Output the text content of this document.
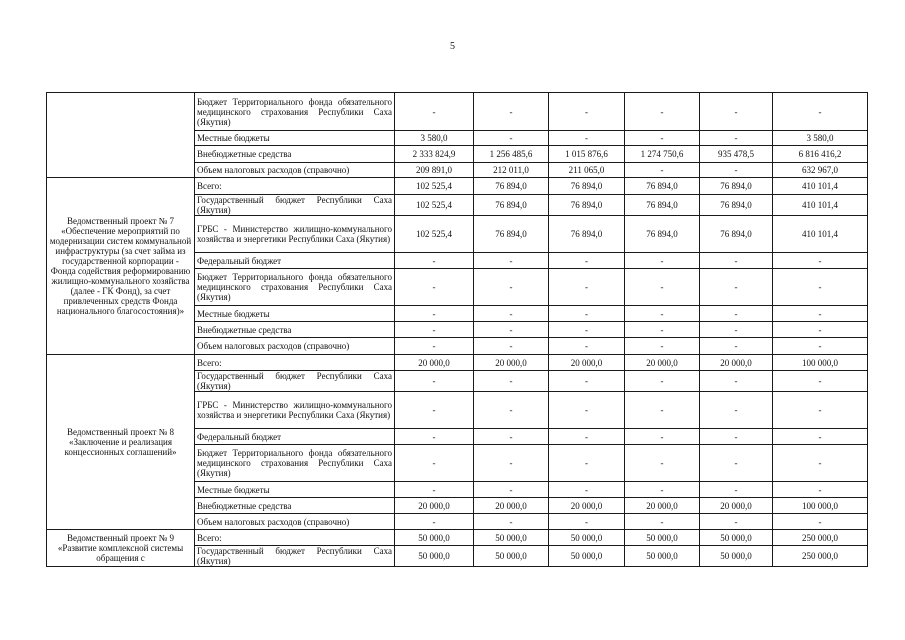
5
	Бюджет Территориального фонда обязательного медицинского страхования Республики Саха (Якутия)	-	-	-	-	-	-
	Местные бюджеты	3 580,0	-	-	-	-	3 580,0
	Внебюджетные средства	2 333 824,9	1 256 485,6	1 015 876,6	1 274 750,6	935 478,5	6 816 416,2
	Объем налоговых расходов (справочно)	209 891,0	212 011,0	211 065,0	-	-	632 967,0
Ведомственный проект № 7 «Обеспечение мероприятий по модернизации систем коммунальной инфраструктуры (за счет займа из государственной корпорации - Фонда содействия реформированию жилищно-коммунального хозяйства (далее - ГК Фонд), за счет привлеченных средств Фонда национального благосостояния)»	Всего:	102 525,4	76 894,0	76 894,0	76 894,0	76 894,0	410 101,4
	Государственный бюджет Республики Саха (Якутия)	102 525,4	76 894,0	76 894,0	76 894,0	76 894,0	410 101,4
	ГРБС - Министерство жилищно-коммунального хозяйства и энергетики Республики Саха (Якутия)	102 525,4	76 894,0	76 894,0	76 894,0	76 894,0	410 101,4
	Федеральный бюджет	-	-	-	-	-	-
	Бюджет Территориального фонда обязательного медицинского страхования Республики Саха (Якутия)	-	-	-	-	-	-
	Местные бюджеты	-	-	-	-	-	-
	Внебюджетные средства	-	-	-	-	-	-
	Объем налоговых расходов (справочно)	-	-	-	-	-	-
Ведомственный проект № 8 «Заключение и реализация концессионных соглашений»	Всего:	20 000,0	20 000,0	20 000,0	20 000,0	20 000,0	100 000,0
	Государственный бюджет Республики Саха (Якутия)	-	-	-	-	-	-
	ГРБС - Министерство жилищно-коммунального хозяйства и энергетики Республики Саха (Якутия)	-	-	-	-	-	-
	Федеральный бюджет	-	-	-	-	-	-
	Бюджет Территориального фонда обязательного медицинского страхования Республики Саха (Якутия)	-	-	-	-	-	-
	Местные бюджеты	-	-	-	-	-	-
	Внебюджетные средства	20 000,0	20 000,0	20 000,0	20 000,0	20 000,0	100 000,0
	Объем налоговых расходов (справочно)	-	-	-	-	-	-
Ведомственный проект № 9 «Развитие комплексной системы обращения с	Всего:	50 000,0	50 000,0	50 000,0	50 000,0	50 000,0	250 000,0
	Государственный бюджет Республики Саха (Якутия)	50 000,0	50 000,0	50 000,0	50 000,0	50 000,0	250 000,0
